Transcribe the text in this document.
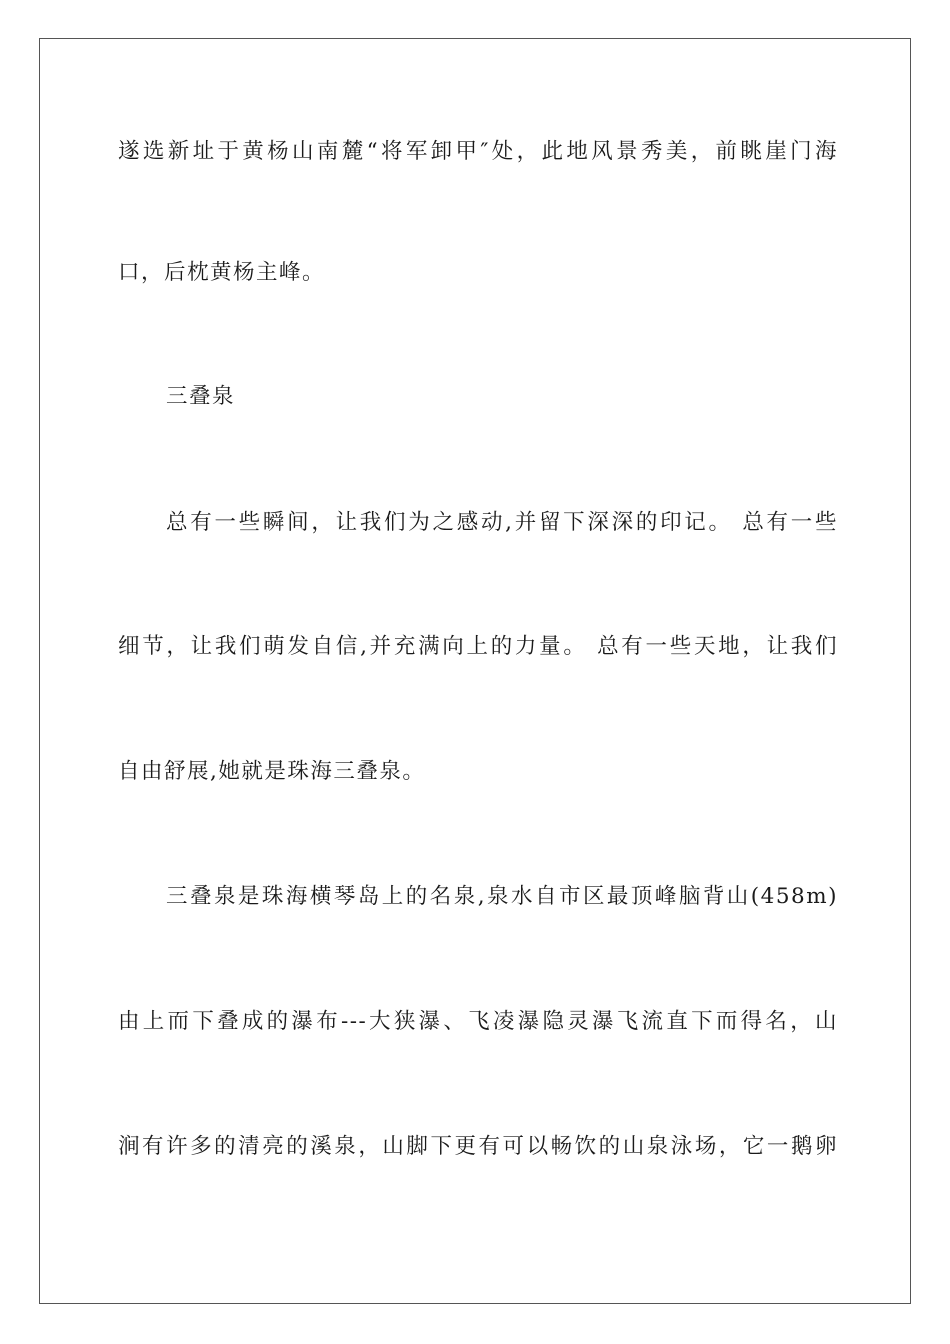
遂选新址于黄杨山南麓“将军卸甲″处，此地风景秀美，前眺崖门海
口，后枕黄杨主峰。
三叠泉
总有一些瞬间，让我们为之感动,并留下深深的印记。 总有一些
细节，让我们萌发自信,并充满向上的力量。 总有一些天地，让我们
自由舒展,她就是珠海三叠泉。
三叠泉是珠海横琴岛上的名泉,泉水自市区最顶峰脑背山(458m)
由上而下叠成的瀑布---大狭瀑、飞凌瀑隐灵瀑飞流直下而得名，山
涧有许多的清亮的溪泉，山脚下更有可以畅饮的山泉泳场，它一鹅卵
